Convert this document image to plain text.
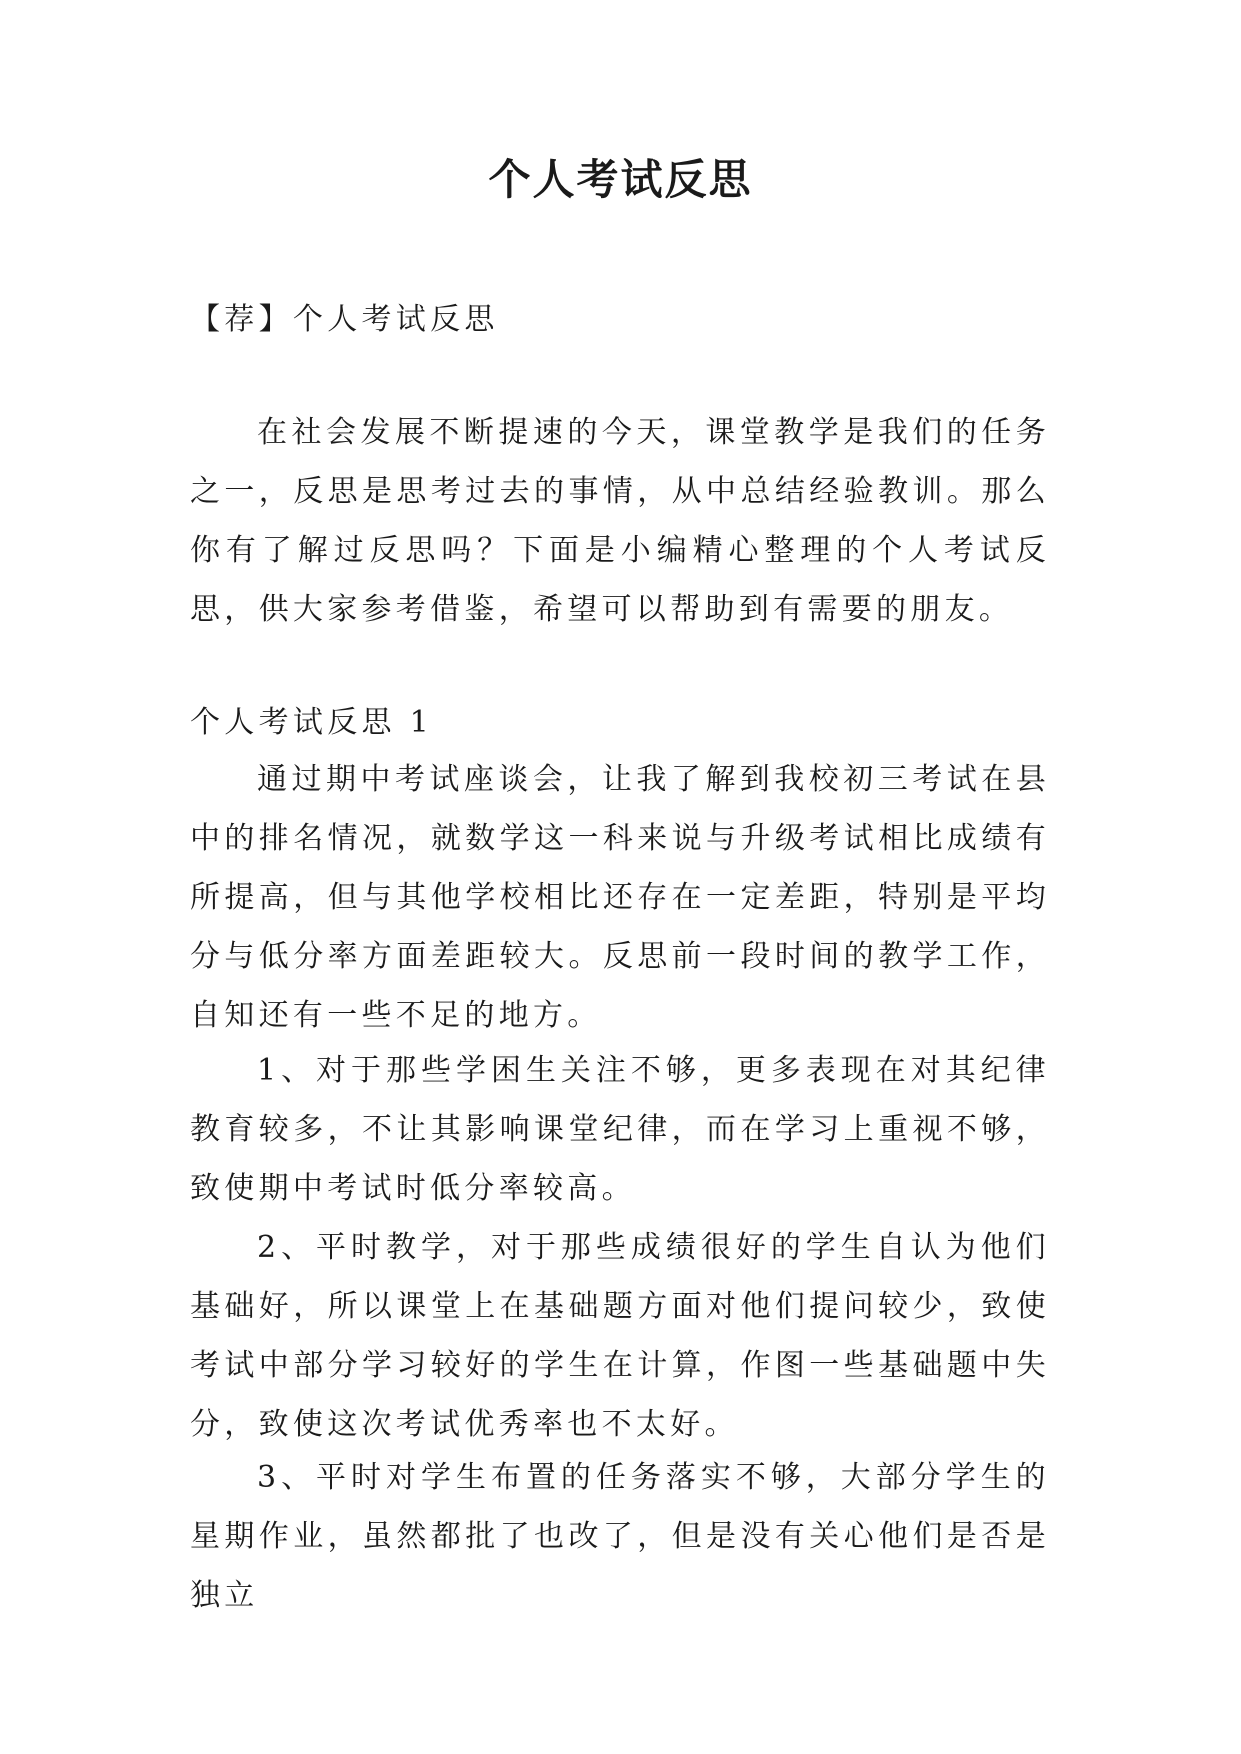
个人考试反思

【荐】个人考试反思

在社会发展不断提速的今天，课堂教学是我们的任务之一，反思是思考过去的事情，从中总结经验教训。那么你有了解过反思吗？下面是小编精心整理的个人考试反思，供大家参考借鉴，希望可以帮助到有需要的朋友。

个人考试反思 1

通过期中考试座谈会，让我了解到我校初三考试在县中的排名情况，就数学这一科来说与升级考试相比成绩有所提高，但与其他学校相比还存在一定差距，特别是平均分与低分率方面差距较大。反思前一段时间的教学工作，自知还有一些不足的地方。

1、对于那些学困生关注不够，更多表现在对其纪律教育较多，不让其影响课堂纪律，而在学习上重视不够，致使期中考试时低分率较高。

2、平时教学，对于那些成绩很好的学生自认为他们基础好，所以课堂上在基础题方面对他们提问较少，致使考试中部分学习较好的学生在计算，作图一些基础题中失分，致使这次考试优秀率也不太好。

3、平时对学生布置的任务落实不够，大部分学生的星期作业，虽然都批了也改了，但是没有关心他们是否是独立
